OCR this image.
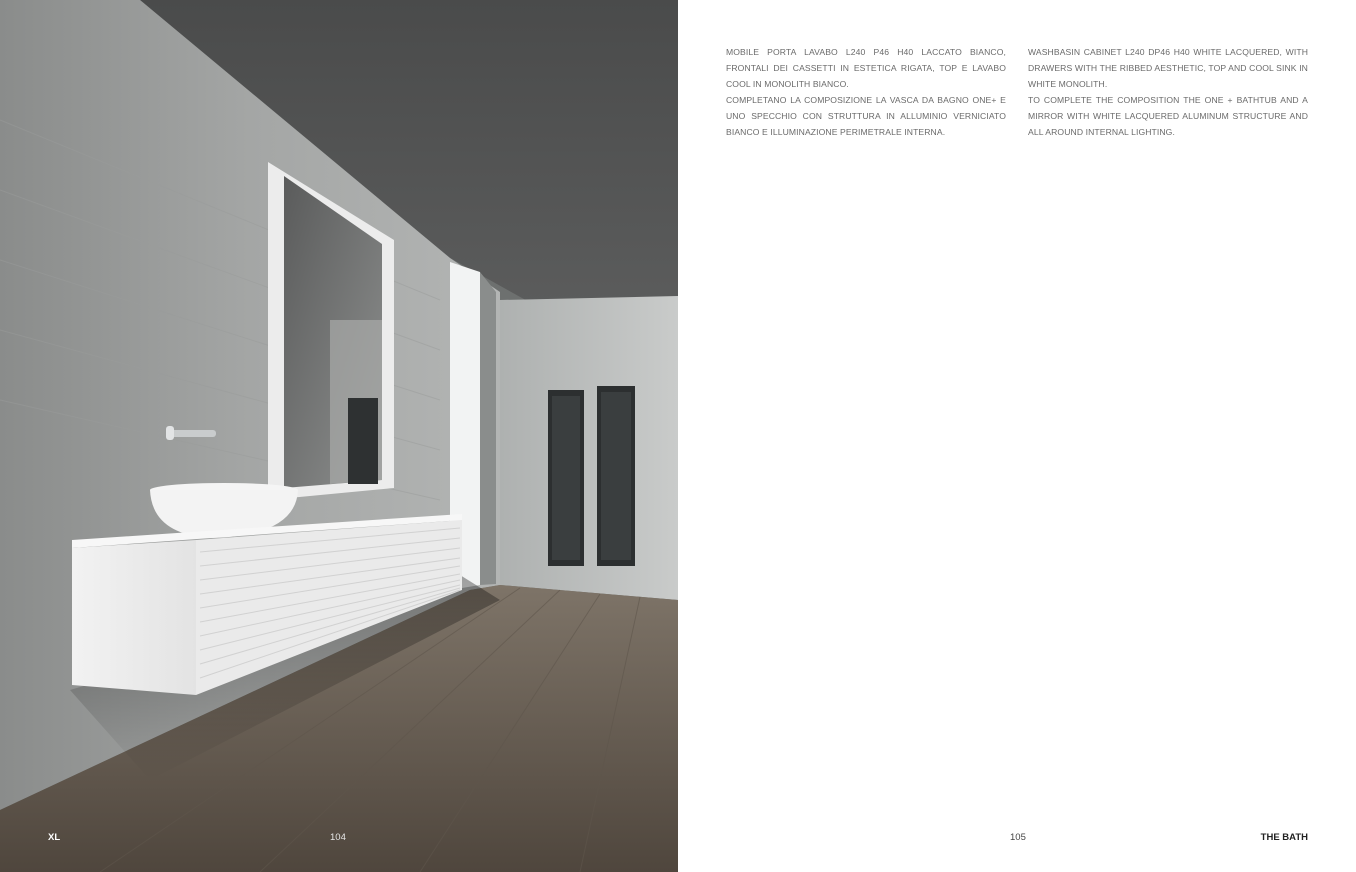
MOBILE PORTA LAVABO L240 P46 H40 LACCATO BIANCO, FRONTALI DEI CASSETTI IN ESTETICA RIGATA, TOP E LAVABO COOL IN MONOLITH BIANCO.

COMPLETANO LA COMPOSIZIONE LA VASCA DA BAGNO ONE+ E UNO SPECCHIO CON STRUTTURA IN ALLUMINIO VERNICIATO BIANCO E ILLUMINAZIONE PERIMETRALE INTERNA.

WASHBASIN CABINET L240 DP46 H40 WHITE LACQUERED, WITH DRAWERS WITH THE RIBBED AESTHETIC, TOP AND COOL SINK IN WHITE MONOLITH.

TO COMPLETE THE COMPOSITION THE ONE + BATHTUB AND A MIRROR WITH WHITE LACQUERED ALUMINUM STRUCTURE AND ALL AROUND INTERNAL LIGHTING.

XL	104	105	THE BATH
